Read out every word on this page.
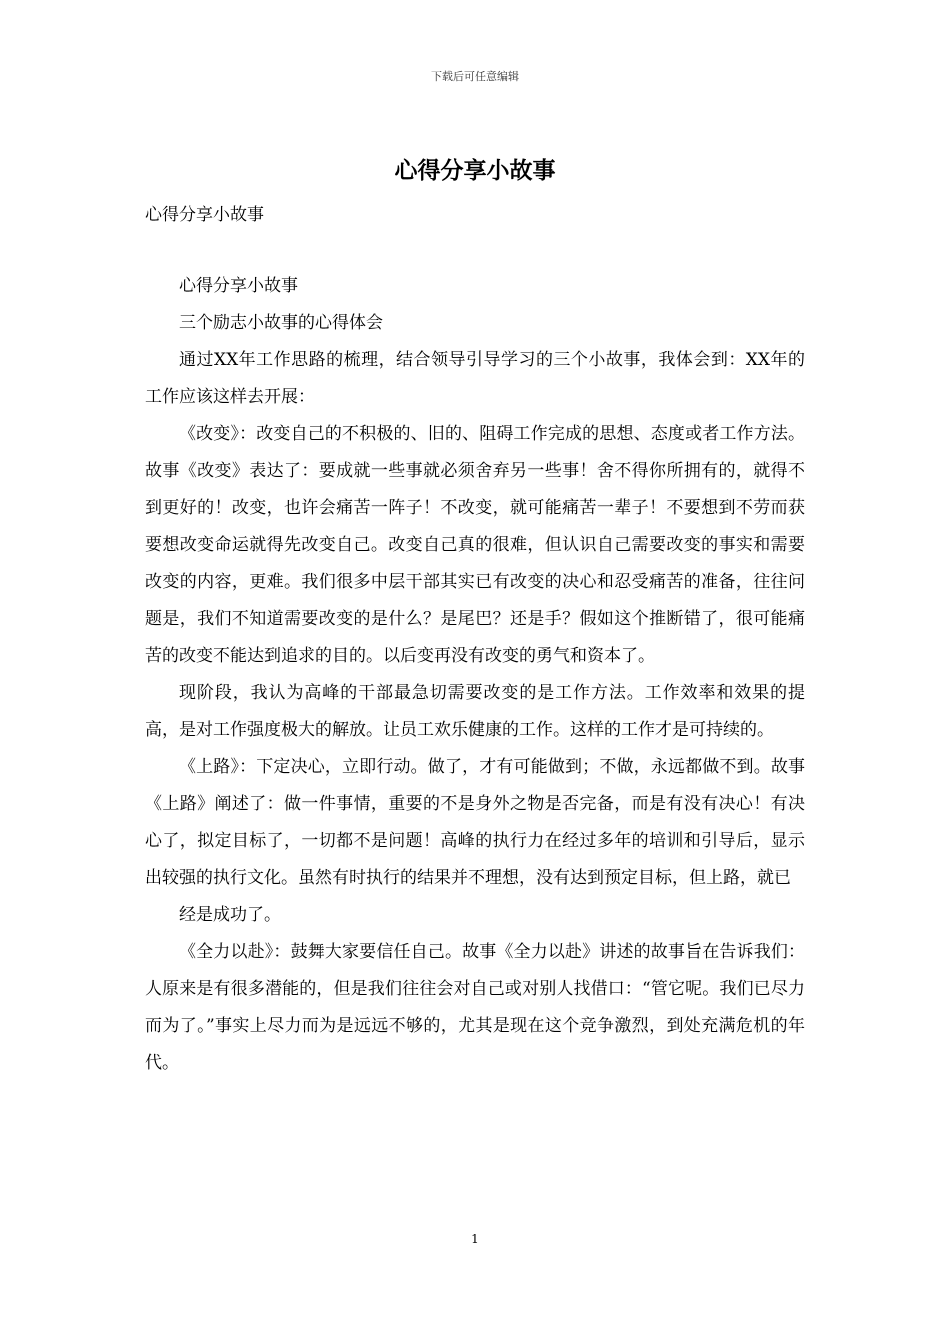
下载后可任意编辑
心得分享小故事
心得分享小故事

心得分享小故事

三个励志小故事的心得体会

通过XX年工作思路的梳理，结合领导引导学习的三个小故事，我体会到：XX年的工作应该这样去开展：

《改变》：改变自己的不积极的、旧的、阻碍工作完成的思想、态度或者工作方法。故事《改变》表达了：要成就一些事就必须舍弃另一些事！舍不得你所拥有的，就得不到更好的！改变，也许会痛苦一阵子！不改变，就可能痛苦一辈子！不要想到不劳而获要想改变命运就得先改变自己。改变自己真的很难，但认识自己需要改变的事实和需要改变的内容，更难。我们很多中层干部其实已有改变的决心和忍受痛苦的准备，往往问题是，我们不知道需要改变的是什么？是尾巴？还是手？假如这个推断错了，很可能痛苦的改变不能达到追求的目的。以后变再没有改变的勇气和资本了。

现阶段，我认为高峰的干部最急切需要改变的是工作方法。工作效率和效果的提高，是对工作强度极大的解放。让员工欢乐健康的工作。这样的工作才是可持续的。

《上路》：下定决心，立即行动。做了，才有可能做到；不做，永远都做不到。故事《上路》阐述了：做一件事情，重要的不是身外之物是否完备，而是有没有决心！有决心了，拟定目标了，一切都不是问题！高峰的执行力在经过多年的培训和引导后，显示出较强的执行文化。虽然有时执行的结果并不理想，没有达到预定目标，但上路，就已

经是成功了。

《全力以赴》：鼓舞大家要信任自己。故事《全力以赴》讲述的故事旨在告诉我们：人原来是有很多潜能的，但是我们往往会对自己或对别人找借口：“管它呢。我们已尽力而为了。”事实上尽力而为是远远不够的，尤其是现在这个竞争激烈，到处充满危机的年代。

1
